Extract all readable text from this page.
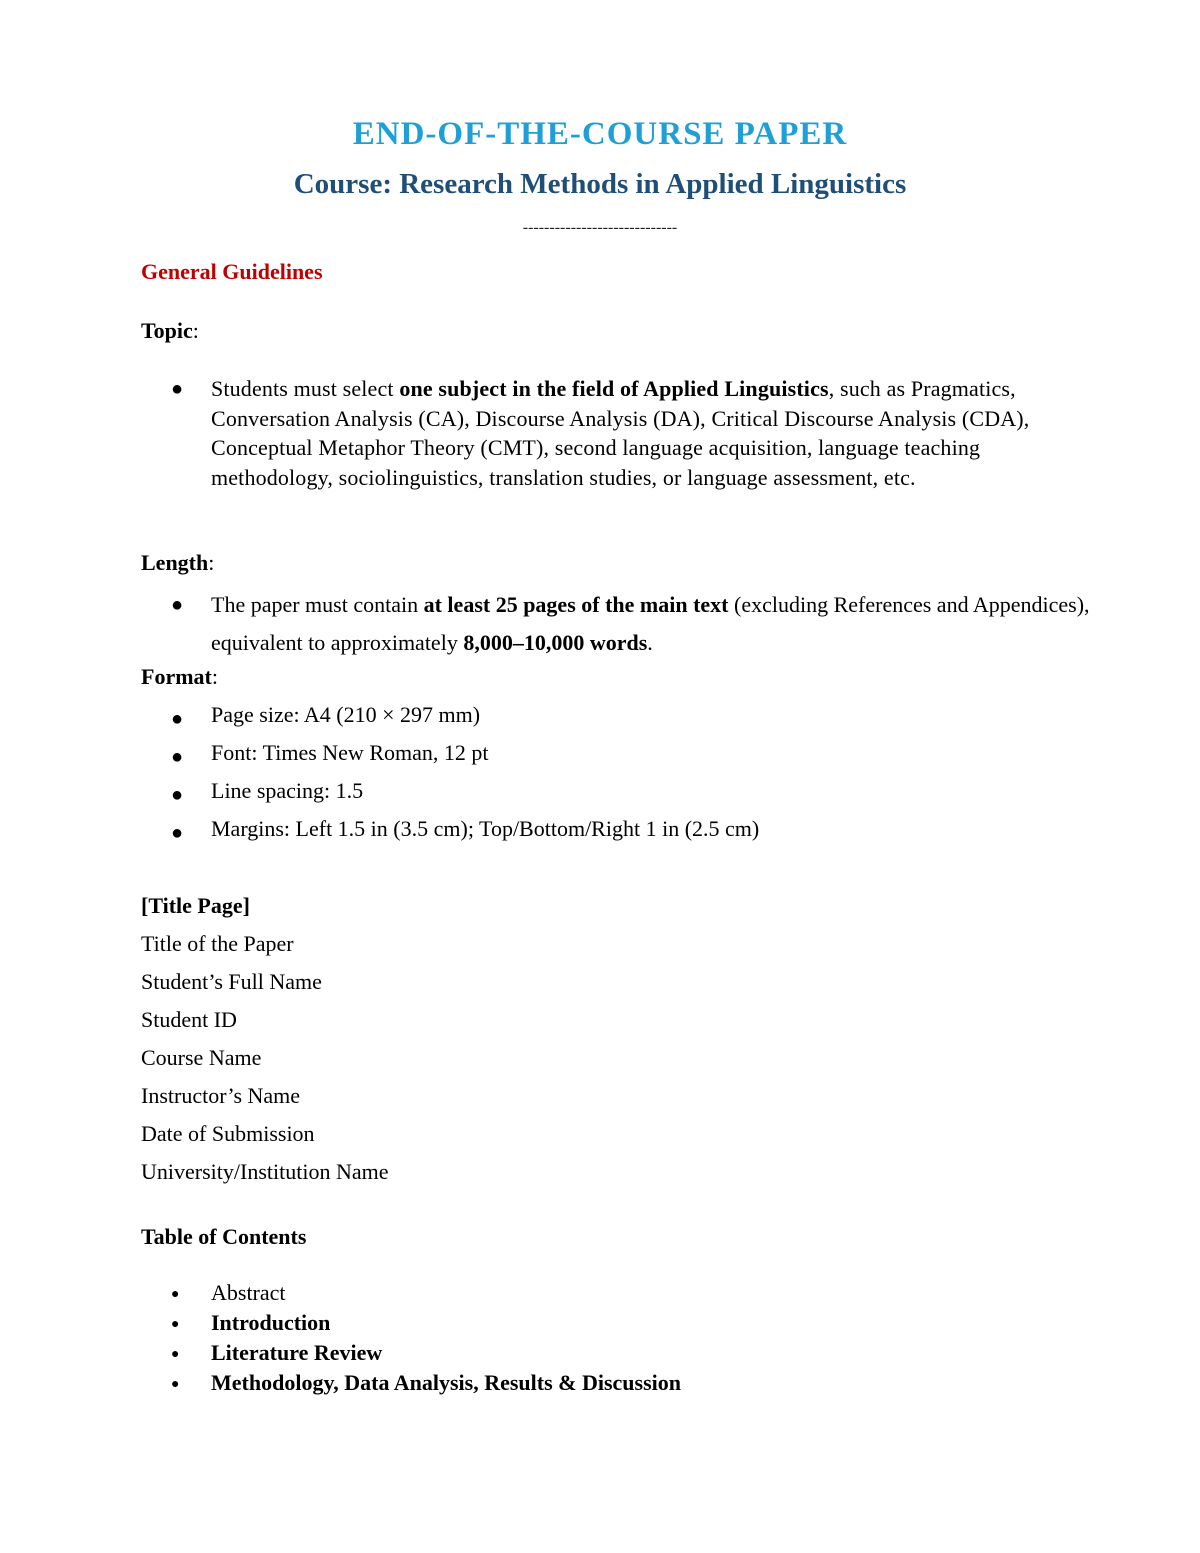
END-OF-THE-COURSE PAPER
Course: Research Methods in Applied Linguistics
-----------------------------
General Guidelines
Topic:
● Students must select one subject in the field of Applied Linguistics, such as Pragmatics, Conversation Analysis (CA), Discourse Analysis (DA), Critical Discourse Analysis (CDA), Conceptual Metaphor Theory (CMT), second language acquisition, language teaching methodology, sociolinguistics, translation studies, or language assessment, etc.
Length:
● The paper must contain at least 25 pages of the main text (excluding References and Appendices), equivalent to approximately 8,000–10,000 words.
Format:
● Page size: A4 (210 × 297 mm)
● Font: Times New Roman, 12 pt
● Line spacing: 1.5
● Margins: Left 1.5 in (3.5 cm); Top/Bottom/Right 1 in (2.5 cm)
[Title Page]
Title of the Paper
Student’s Full Name
Student ID
Course Name
Instructor’s Name
Date of Submission
University/Institution Name
Table of Contents
● Abstract
● Introduction
● Literature Review
● Methodology, Data Analysis, Results & Discussion
